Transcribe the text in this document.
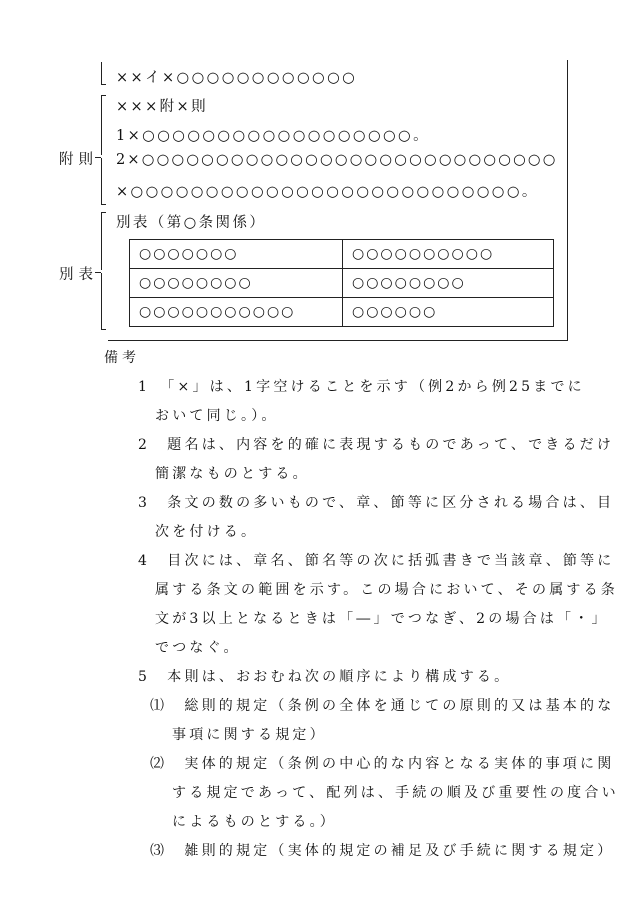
××イ×○○○○○○○○○○○○
附則
×××附×則
1×○○○○○○○○○○○○○○○○○○。
2×○○○○○○○○○○○○○○○○○○○○○○○○○○○○
×○○○○○○○○○○○○○○○○○○○○○○○○○○。
別表
別表（第○条関係）
○○○○○○○	○○○○○○○○○○
○○○○○○○○	○○○○○○○○
○○○○○○○○○○○	○○○○○○
備考
1　「×」は、1字空けることを示す（例2から例25までに
おいて同じ。）。
2　題名は、内容を的確に表現するものであって、できるだけ
簡潔なものとする。
3　条文の数の多いもので、章、節等に区分される場合は、目
次を付ける。
4　目次には、章名、節名等の次に括弧書きで当該章、節等に
属する条文の範囲を示す。この場合において、その属する条
文が3以上となるときは「―」でつなぎ、2の場合は「・」
でつなぐ。
5　本則は、おおむね次の順序により構成する。
⑴　総則的規定（条例の全体を通じての原則的又は基本的な
事項に関する規定）
⑵　実体的規定（条例の中心的な内容となる実体的事項に関
する規定であって、配列は、手続の順及び重要性の度合い
によるものとする。）
⑶　雑則的規定（実体的規定の補足及び手続に関する規定）
